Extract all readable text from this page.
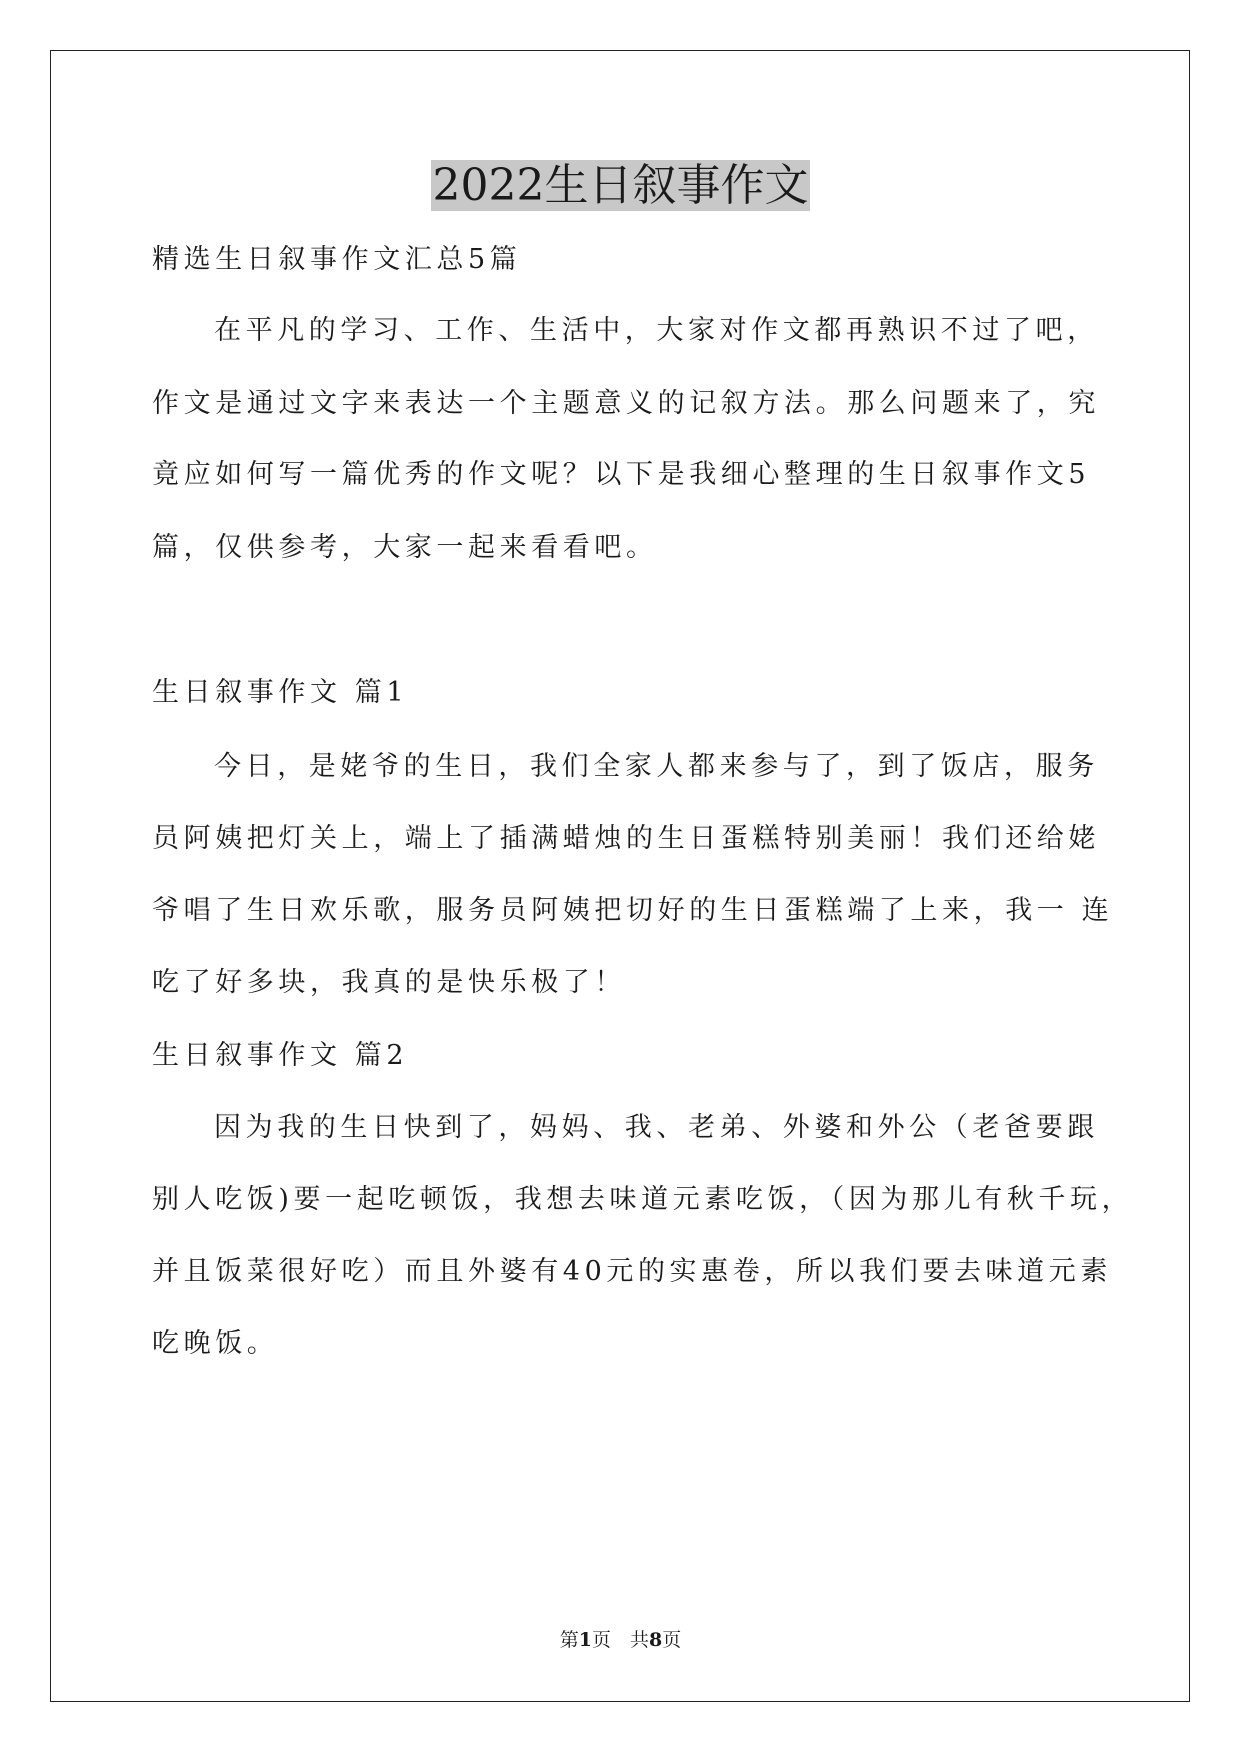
2022生日叙事作文
精选生日叙事作文汇总5篇
在平凡的学习、工作、生活中，大家对作文都再熟识不过了吧，
作文是通过文字来表达一个主题意义的记叙方法。那么问题来了，究
竟应如何写一篇优秀的作文呢？以下是我细心整理的生日叙事作文5
篇，仅供参考，大家一起来看看吧。
生日叙事作文 篇1
今日，是姥爷的生日，我们全家人都来参与了，到了饭店，服务
员阿姨把灯关上，端上了插满蜡烛的生日蛋糕特别美丽！我们还给姥
爷唱了生日欢乐歌，服务员阿姨把切好的生日蛋糕端了上来，我一 连
吃了好多块，我真的是快乐极了！
生日叙事作文 篇2
因为我的生日快到了，妈妈、我、老弟、外婆和外公（老爸要跟
别人吃饭)要一起吃顿饭，我想去味道元素吃饭，（因为那儿有秋千玩，
并且饭菜很好吃）而且外婆有40元的实惠卷，所以我们要去味道元素
吃晚饭。
第1页　共8页
